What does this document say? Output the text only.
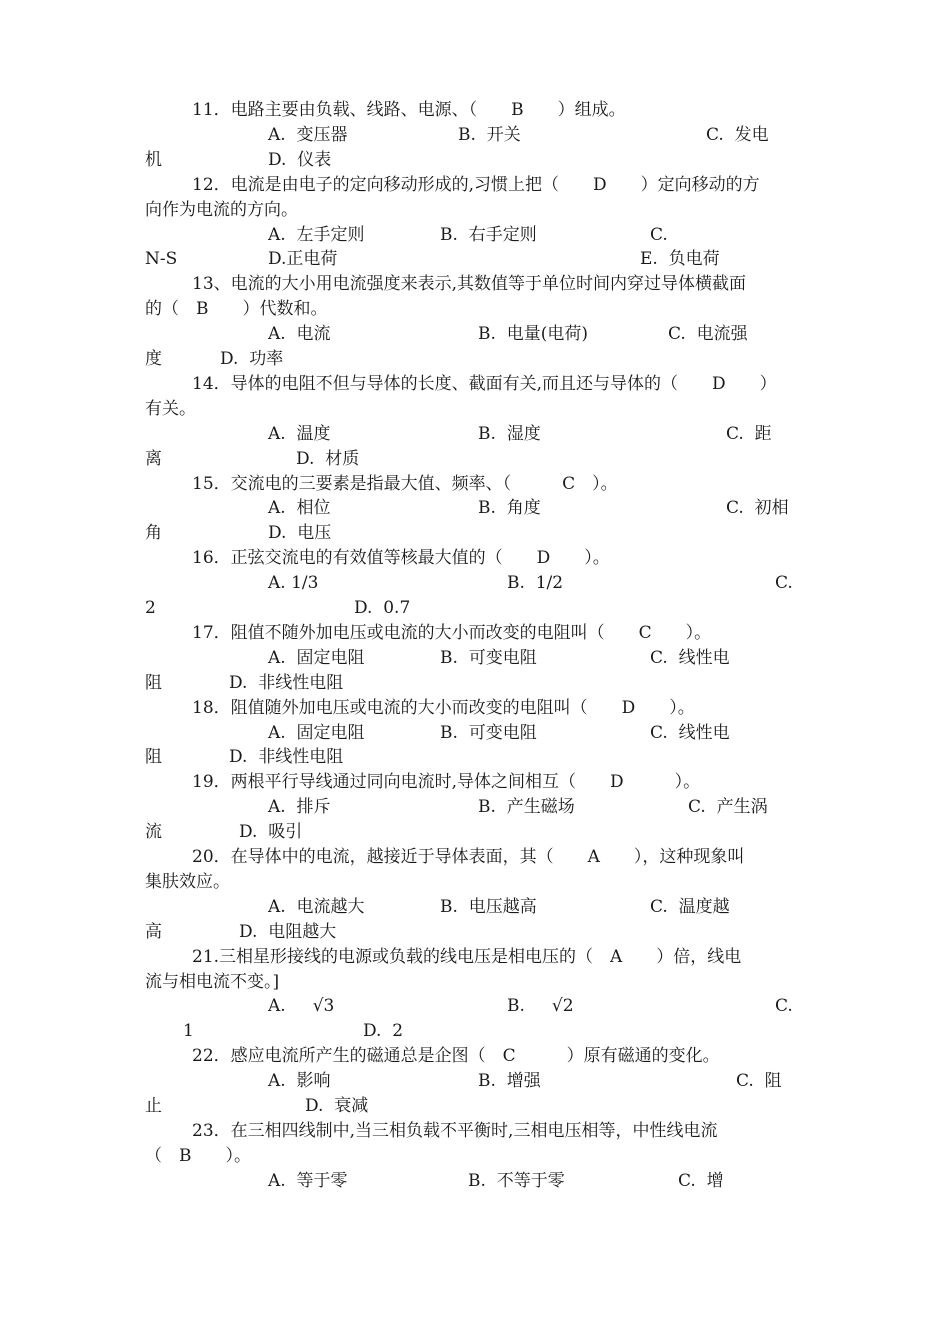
11．电路主要由负载、线路、电源、（　　B　　）组成。
A.  变压器	B.  开关	C.  发电
机	D.  仪表
12．电流是由电子的定向移动形成的,习惯上把（　　D　　）定向移动的方
向作为电流的方向。
A.  左手定则	B.  右手定则	C.
N-S	D.正电荷	E.  负电荷
13、电流的大小用电流强度来表示,其数值等于单位时间内穿过导体横截面
的（　B　　）代数和。
A.  电流	B.  电量(电荷)	C.  电流强
度	D.  功率
14．导体的电阻不但与导体的长度、截面有关,而且还与导体的（　　D　　）
有关。
A.  温度	B.  湿度	C.  距
离	D.  材质
15．交流电的三要素是指最大值、频率、（　　　C　）。
A.  相位	B.  角度	C.  初相
角	D.  电压
16．正弦交流电的有效值等核最大值的（　　D　　）。
A. 1/3	B.  1/2	C.
2	D.  0.7
17．阻值不随外加电压或电流的大小而改变的电阻叫（　　C　　）。
A.  固定电阻	B.  可变电阻	C.  线性电
阻	D.  非线性电阻
18．阻值随外加电压或电流的大小而改变的电阻叫（　　D　　）。
A.  固定电阻	B.  可变电阻	C.  线性电
阻	D.  非线性电阻
19．两根平行导线通过同向电流时,导体之间相互（　　D　　　）。
A.  排斥	B.  产生磁场	C.  产生涡
流	D.  吸引
20．在导体中的电流，越接近于导体表面，其（　　A　　），这种现象叫
集肤效应。
A.  电流越大	B.  电压越高	C.  温度越
高	D.  电阻越大
21.三相星形接线的电源或负载的线电压是相电压的（　A　　）倍，线电
流与相电流不变。]
A.     √3	B.     √2	C.
1	D.  2
22．感应电流所产生的磁通总是企图（　C　　　）原有磁通的变化。
A.  影响	B.  增强	C.  阻
止	D.  衰减
23．在三相四线制中,当三相负载不平衡时,三相电压相等，中性线电流
（　B　　）。
A.  等于零	B.  不等于零	C.  增
